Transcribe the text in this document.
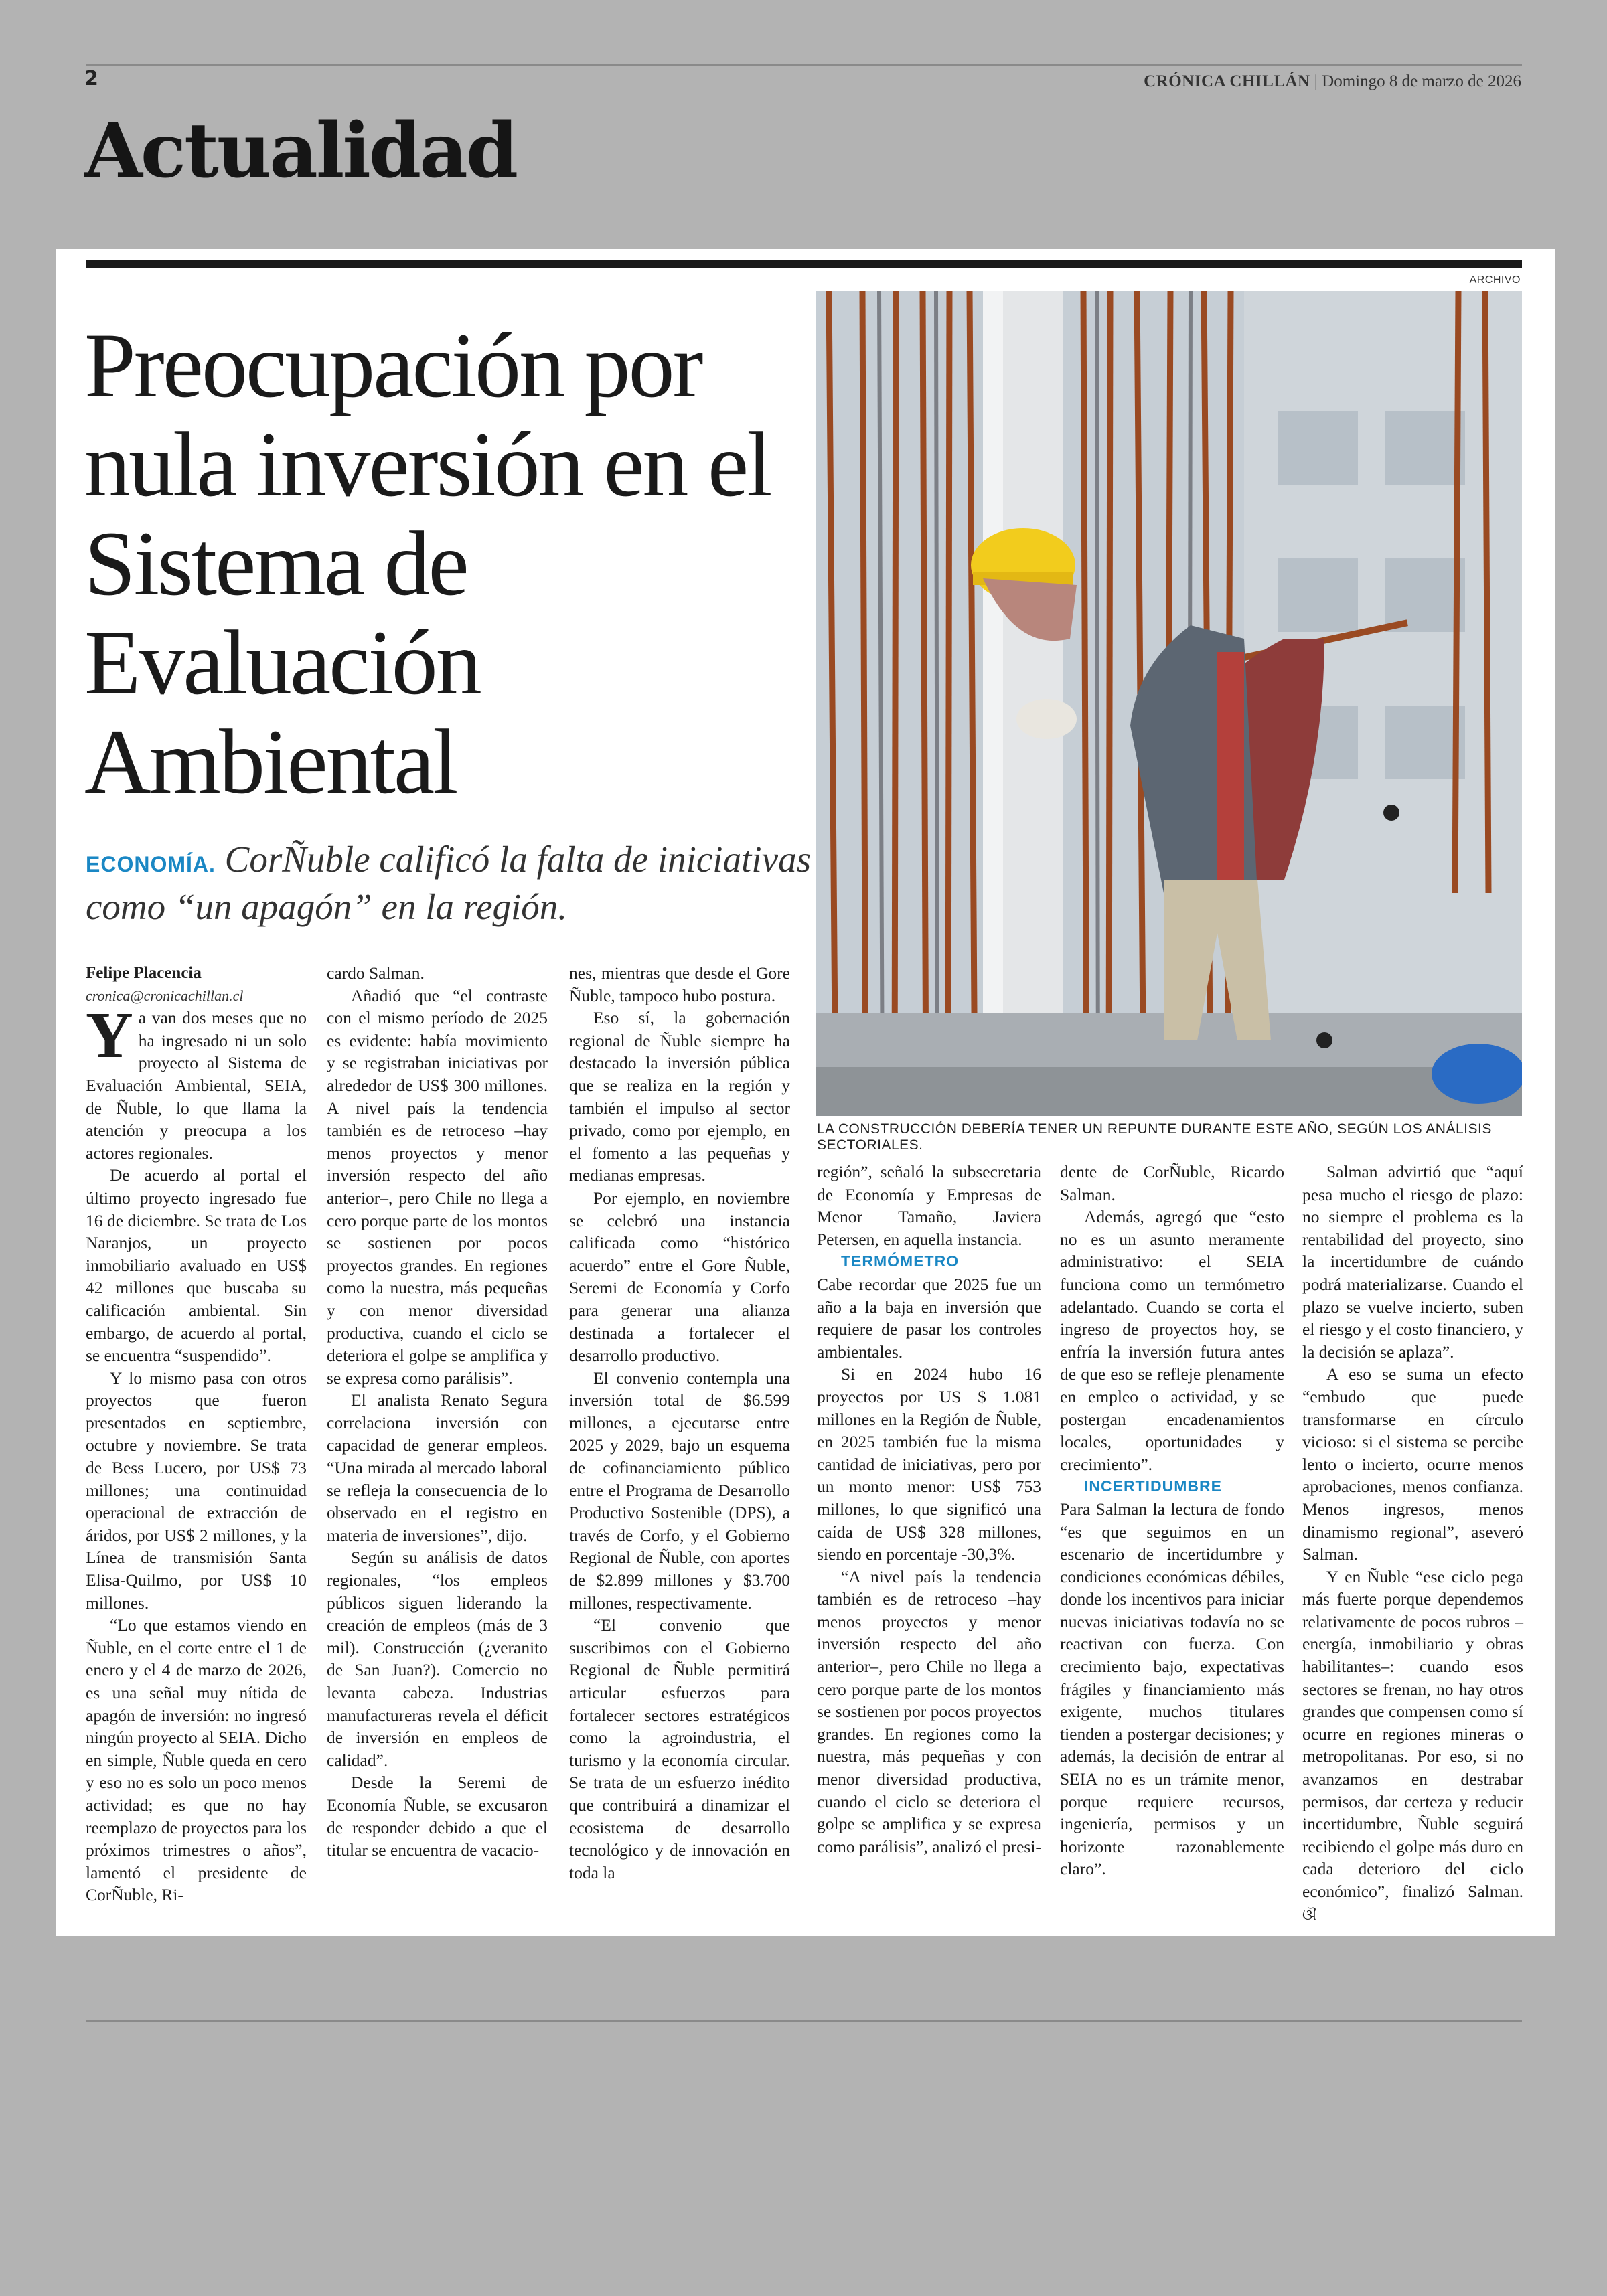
2	CRÓNICA CHILLÁN | Domingo 8 de marzo de 2026
Actualidad
ARCHIVO
Preocupación por nula inversión en el Sistema de Evaluación Ambiental

ECONOMÍA. CorÑuble calificó la falta de iniciativas como “un apagón” en la región.

LA CONSTRUCCIÓN DEBERÍA TENER UN REPUNTE DURANTE ESTE AÑO, SEGÚN LOS ANÁLISIS SECTORIALES.

Felipe Placencia

cronica@cronicachillan.cl

Ya van dos meses que no ha ingresado ni un solo proyecto al Sistema de Evaluación Ambiental, SEIA, de Ñuble, lo que llama la atención y preocupa a los actores regionales.

De acuerdo al portal el último proyecto ingresado fue 16 de diciembre. Se trata de Los Naranjos, un proyecto inmobiliario avaluado en US$ 42 millones que buscaba su calificación ambiental. Sin embargo, de acuerdo al portal, se encuentra “suspendido”.

Y lo mismo pasa con otros proyectos que fueron presentados en septiembre, octubre y noviembre. Se trata de Bess Lucero, por US$ 73 millones; una continuidad operacional de extracción de áridos, por US$ 2 millones, y la Línea de transmisión Santa Elisa-Quilmo, por US$ 10 millones.

“Lo que estamos viendo en Ñuble, en el corte entre el 1 de enero y el 4 de marzo de 2026, es una señal muy nítida de apagón de inversión: no ingresó ningún proyecto al SEIA. Dicho en simple, Ñuble queda en cero y eso no es solo un poco menos actividad; es que no hay reemplazo de proyectos para los próximos trimestres o años”, lamentó el presidente de CorÑuble, Ri-

cardo Salman.

Añadió que “el contraste con el mismo período de 2025 es evidente: había movimiento y se registraban iniciativas por alrededor de US$ 300 millones. A nivel país la tendencia también es de retroceso –hay menos proyectos y menor inversión respecto del año anterior–, pero Chile no llega a cero porque parte de los montos se sostienen por pocos proyectos grandes. En regiones como la nuestra, más pequeñas y con menor diversidad productiva, cuando el ciclo se deteriora el golpe se amplifica y se expresa como parálisis”.

El analista Renato Segura correlaciona inversión con capacidad de generar empleos. “Una mirada al mercado laboral se refleja la consecuencia de lo observado en el registro en materia de inversiones”, dijo.

Según su análisis de datos regionales, “los empleos públicos siguen liderando la creación de empleos (más de 3 mil). Construcción (¿veranito de San Juan?). Comercio no levanta cabeza. Industrias manufactureras revela el déficit de inversión en empleos de calidad”.

Desde la Seremi de Economía Ñuble, se excusaron de responder debido a que el titular se encuentra de vacacio-

nes, mientras que desde el Gore Ñuble, tampoco hubo postura.

Eso sí, la gobernación regional de Ñuble siempre ha destacado la inversión pública que se realiza en la región y también el impulso al sector privado, como por ejemplo, en el fomento a las pequeñas y medianas empresas.

Por ejemplo, en noviembre se celebró una instancia calificada como “histórico acuerdo” entre el Gore Ñuble, Seremi de Economía y Corfo para generar una alianza destinada a fortalecer el desarrollo productivo.

El convenio contempla una inversión total de $6.599 millones, a ejecutarse entre 2025 y 2029, bajo un esquema de cofinanciamiento público entre el Programa de Desarrollo Productivo Sostenible (DPS), a través de Corfo, y el Gobierno Regional de Ñuble, con aportes de $2.899 millones y $3.700 millones, respectivamente.

“El convenio que suscribimos con el Gobierno Regional de Ñuble permitirá articular esfuerzos para fortalecer sectores estratégicos como la agroindustria, el turismo y la economía circular. Se trata de un esfuerzo inédito que contribuirá a dinamizar el ecosistema de desarrollo tecnológico y de innovación en toda la

región”, señaló la subsecretaria de Economía y Empresas de Menor Tamaño, Javiera Petersen, en aquella instancia.

TERMÓMETRO

Cabe recordar que 2025 fue un año a la baja en inversión que requiere de pasar los controles ambientales.

Si en 2024 hubo 16 proyectos por US $ 1.081 millones en la Región de Ñuble, en 2025 también fue la misma cantidad de iniciativas, pero por un monto menor: US$ 753 millones, lo que significó una caída de US$ 328 millones, siendo en porcentaje -30,3%.

“A nivel país la tendencia también es de retroceso –hay menos proyectos y menor inversión respecto del año anterior–, pero Chile no llega a cero porque parte de los montos se sostienen por pocos proyectos grandes. En regiones como la nuestra, más pequeñas y con menor diversidad productiva, cuando el ciclo se deteriora el golpe se amplifica y se expresa como parálisis”, analizó el presi-

dente de CorÑuble, Ricardo Salman.

Además, agregó que “esto no es un asunto meramente administrativo: el SEIA funciona como un termómetro adelantado. Cuando se corta el ingreso de proyectos hoy, se enfría la inversión futura antes de que eso se refleje plenamente en empleo o actividad, y se postergan encadenamientos locales, oportunidades y crecimiento”.

INCERTIDUMBRE

Para Salman la lectura de fondo “es que seguimos en un escenario de incertidumbre y condiciones económicas débiles, donde los incentivos para iniciar nuevas iniciativas todavía no se reactivan con fuerza. Con crecimiento bajo, expectativas frágiles y financiamiento más exigente, muchos titulares tienden a postergar decisiones; y además, la decisión de entrar al SEIA no es un trámite menor, porque requiere recursos, ingeniería, permisos y un horizonte razonablemente claro”.

Salman advirtió que “aquí pesa mucho el riesgo de plazo: no siempre el problema es la rentabilidad del proyecto, sino la incertidumbre de cuándo podrá materializarse. Cuando el plazo se vuelve incierto, suben el riesgo y el costo financiero, y la decisión se aplaza”.

A eso se suma un efecto “embudo que puede transformarse en círculo vicioso: si el sistema se percibe lento o incierto, ocurre menos aprobaciones, menos confianza. Menos ingresos, menos dinamismo regional”, aseveró Salman.

Y en Ñuble “ese ciclo pega más fuerte porque dependemos relativamente de pocos rubros –energía, inmobiliario y obras habilitantes–: cuando esos sectores se frenan, no hay otros grandes que compensen como sí ocurre en regiones mineras o metropolitanas. Por eso, si no avanzamos en destrabar permisos, dar certeza y reducir incertidumbre, Ñuble seguirá recibiendo el golpe más duro en cada deterioro del ciclo económico”, finalizó Salman. ଔ
